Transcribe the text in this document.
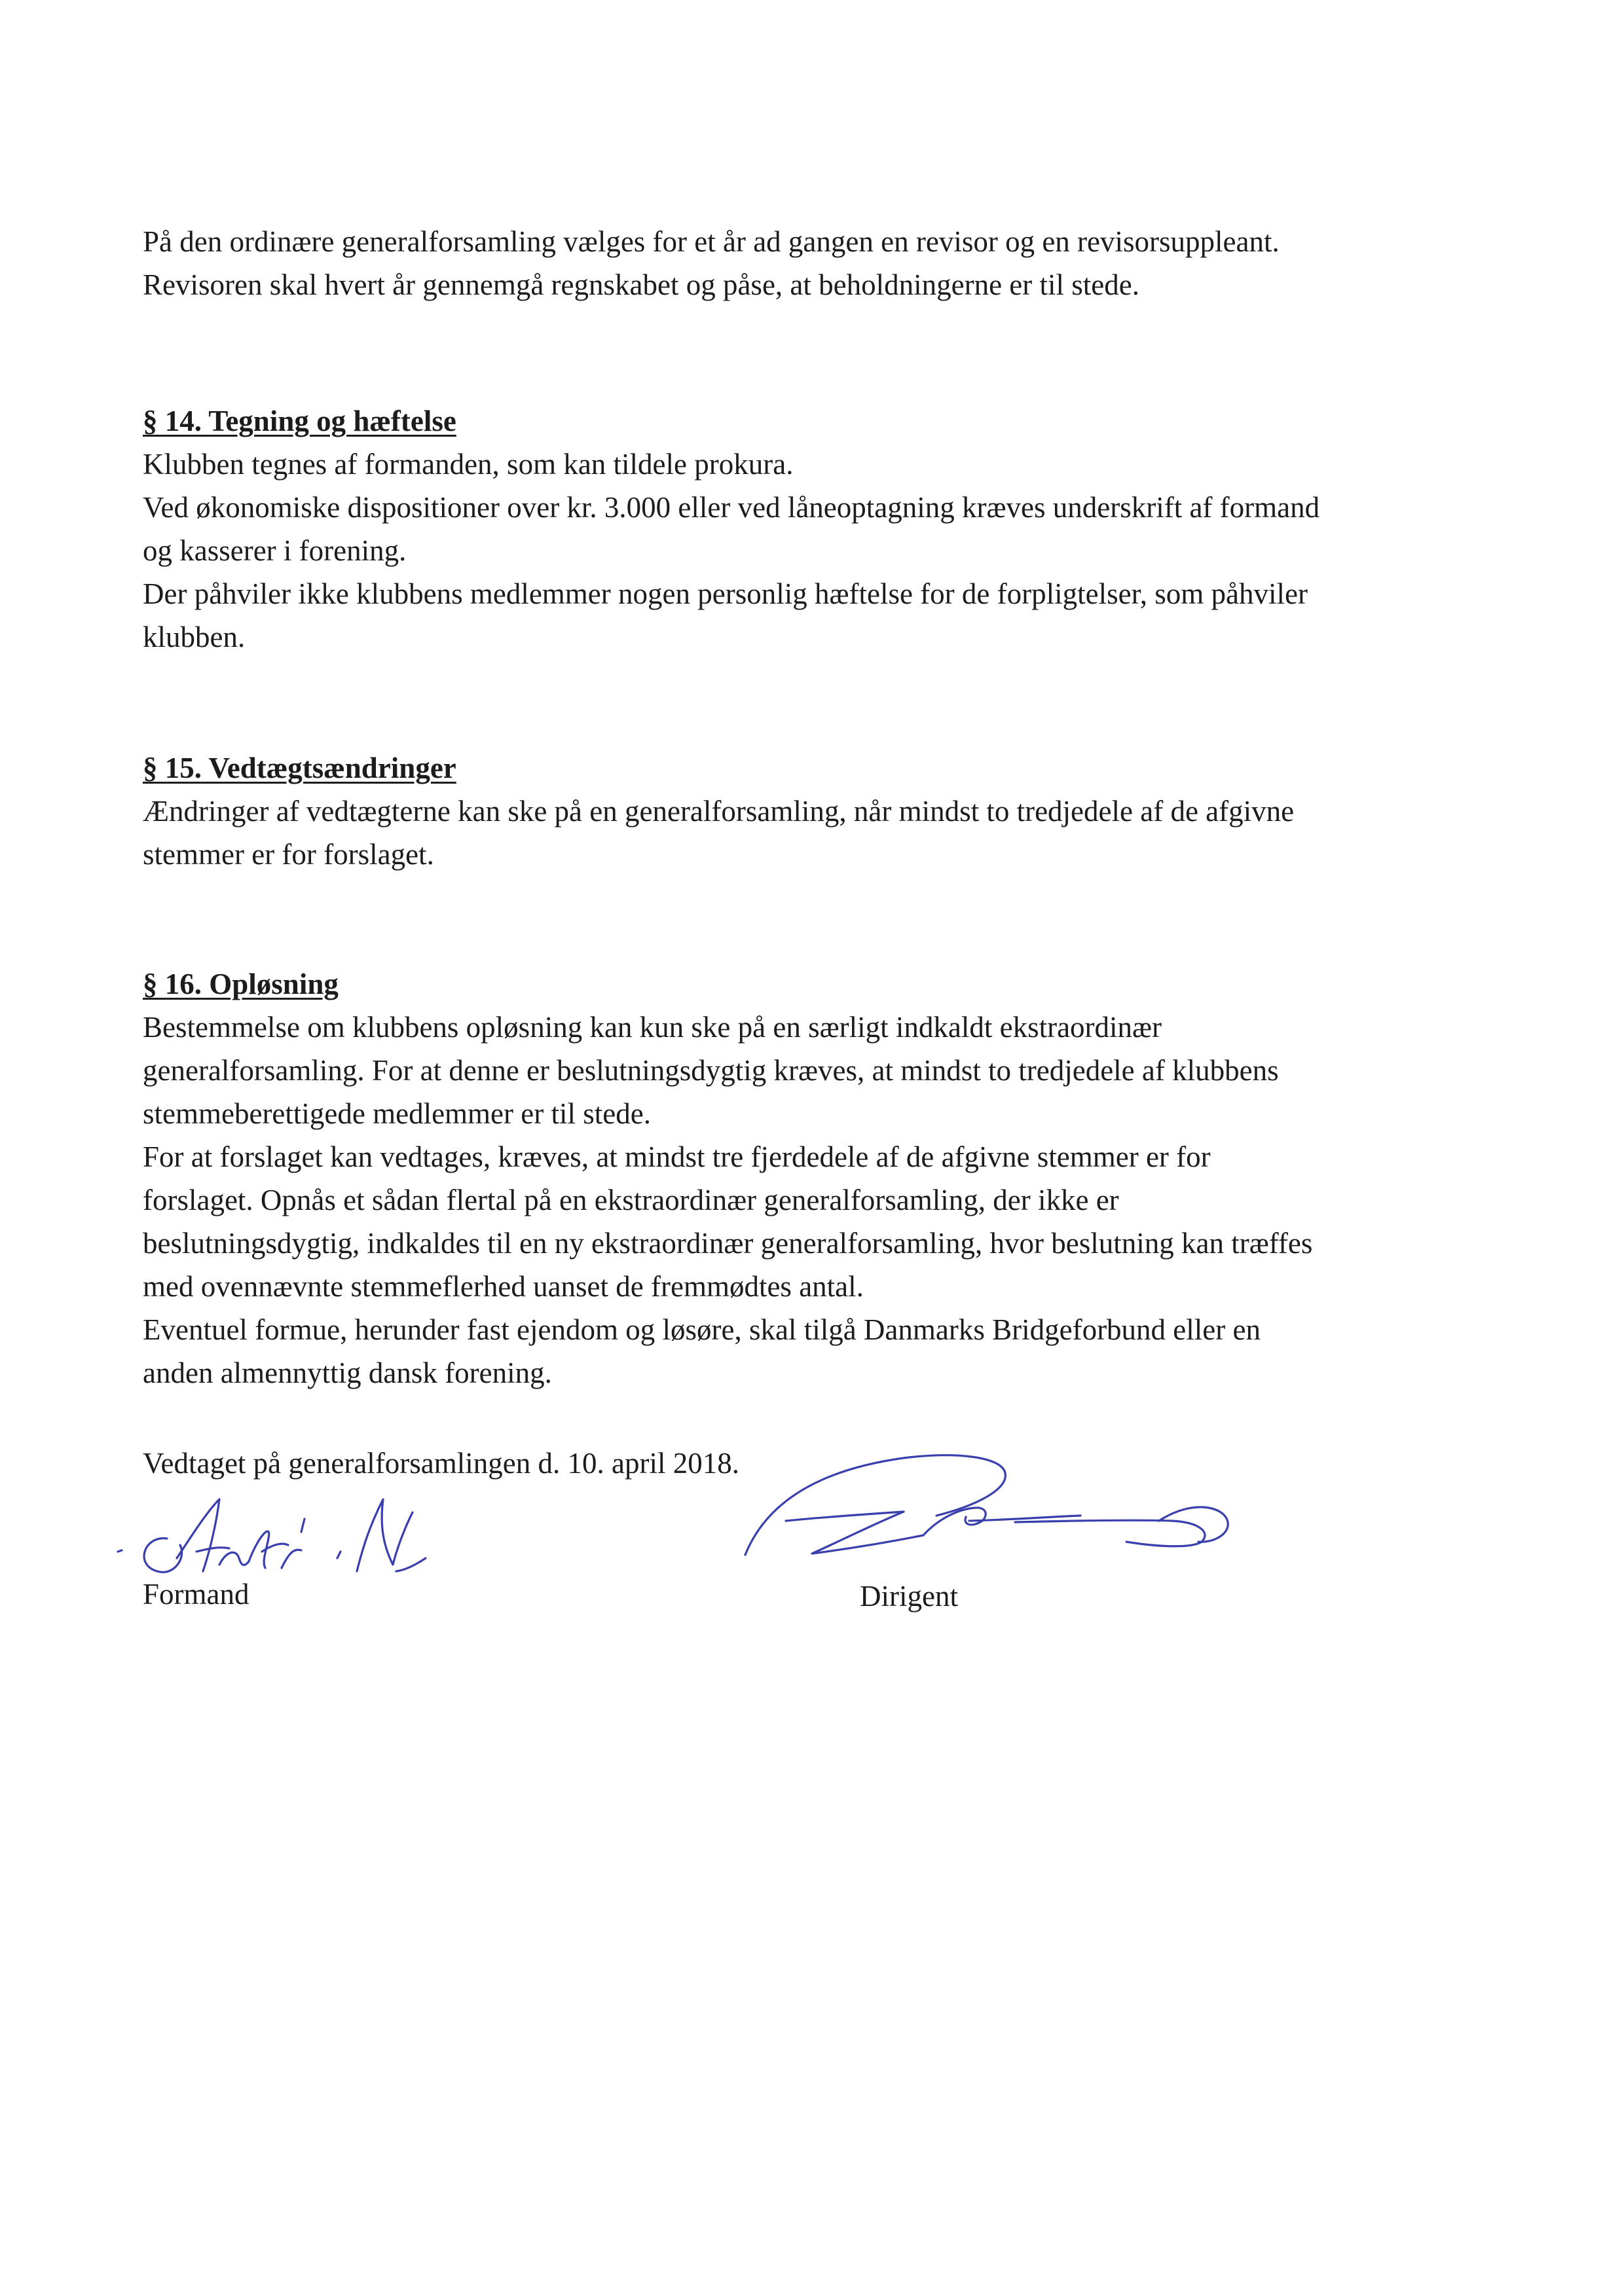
På den ordinære generalforsamling vælges for et år ad gangen en revisor og en revisorsuppleant.

Revisoren skal hvert år gennemgå regnskabet og påse, at beholdningerne er til stede.

§ 14. Tegning og hæftelse

Klubben tegnes af formanden, som kan tildele prokura.

Ved økonomiske dispositioner over kr. 3.000 eller ved låneoptagning kræves underskrift af formand

og kasserer i forening.

Der påhviler ikke klubbens medlemmer nogen personlig hæftelse for de forpligtelser, som påhviler

klubben.

§ 15. Vedtægtsændringer

Ændringer af vedtægterne kan ske på en generalforsamling, når mindst to tredjedele af de afgivne

stemmer er for forslaget.

§ 16. Opløsning

Bestemmelse om klubbens opløsning kan kun ske på en særligt indkaldt ekstraordinær

generalforsamling. For at denne er beslutningsdygtig kræves, at mindst to tredjedele af klubbens

stemmeberettigede medlemmer er til stede.

For at forslaget kan vedtages, kræves, at mindst tre fjerdedele af de afgivne stemmer er for

forslaget. Opnås et sådan flertal på en ekstraordinær generalforsamling, der ikke er

beslutningsdygtig, indkaldes til en ny ekstraordinær generalforsamling, hvor beslutning kan træffes

med ovennævnte stemmeflerhed uanset de fremmødtes antal.

Eventuel formue, herunder fast ejendom og løsøre, skal tilgå Danmarks Bridgeforbund eller en

anden almennyttig dansk forening.

Vedtaget på generalforsamlingen d. 10. april 2018.

Formand	Dirigent
